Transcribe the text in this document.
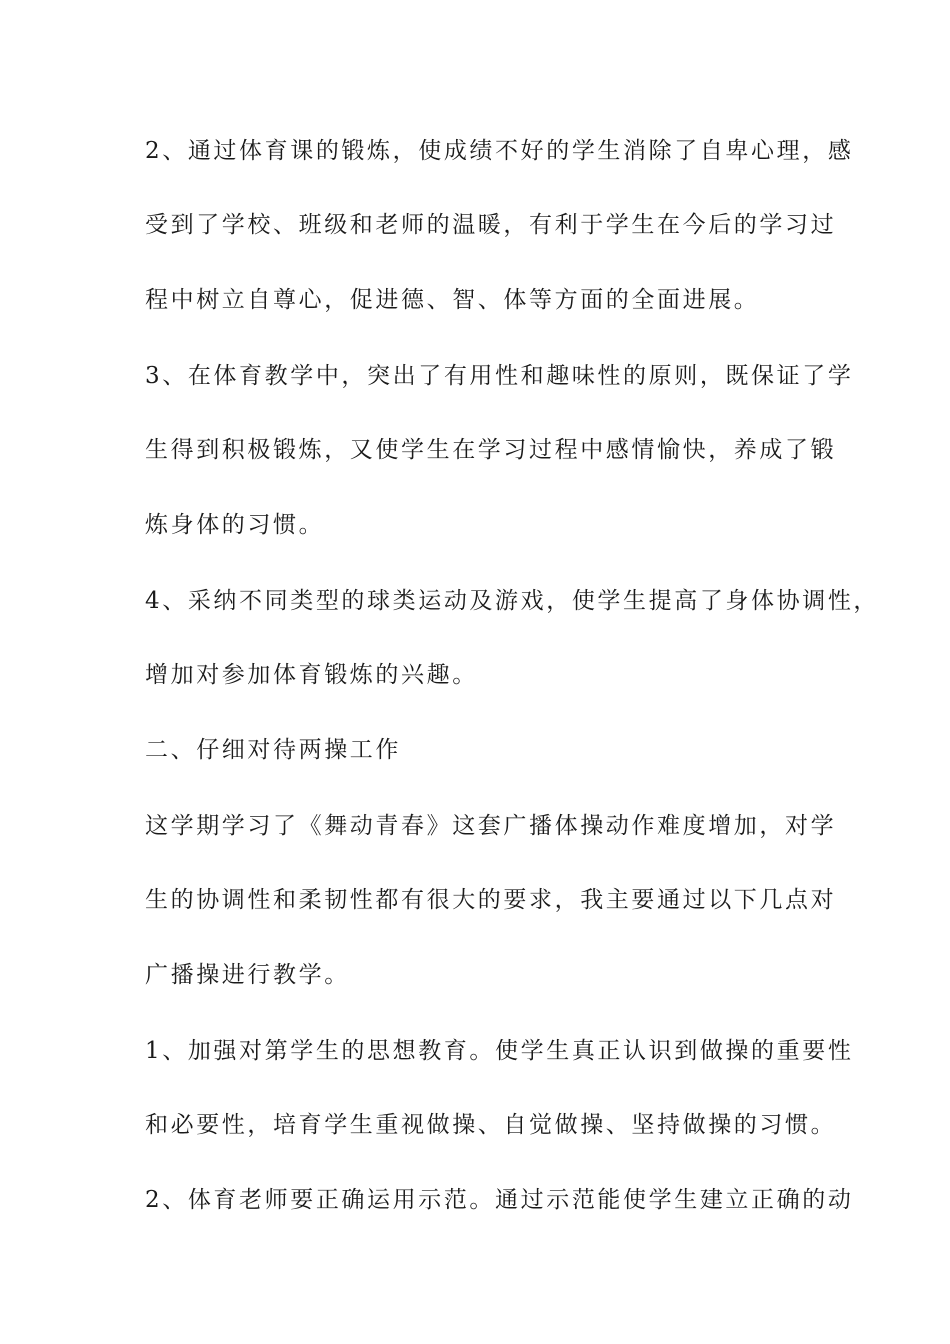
2、通过体育课的锻炼，使成绩不好的学生消除了自卑心理，感
受到了学校、班级和老师的温暖，有利于学生在今后的学习过
程中树立自尊心，促进德、智、体等方面的全面进展。
3、在体育教学中，突出了有用性和趣味性的原则，既保证了学
生得到积极锻炼，又使学生在学习过程中感情愉快，养成了锻
炼身体的习惯。
4、采纳不同类型的球类运动及游戏，使学生提高了身体协调性，
增加对参加体育锻炼的兴趣。
二、仔细对待两操工作
这学期学习了《舞动青春》这套广播体操动作难度增加，对学
生的协调性和柔韧性都有很大的要求，我主要通过以下几点对
广播操进行教学。
1、加强对第学生的思想教育。使学生真正认识到做操的重要性
和必要性，培育学生重视做操、自觉做操、坚持做操的习惯。
2、体育老师要正确运用示范。通过示范能使学生建立正确的动
